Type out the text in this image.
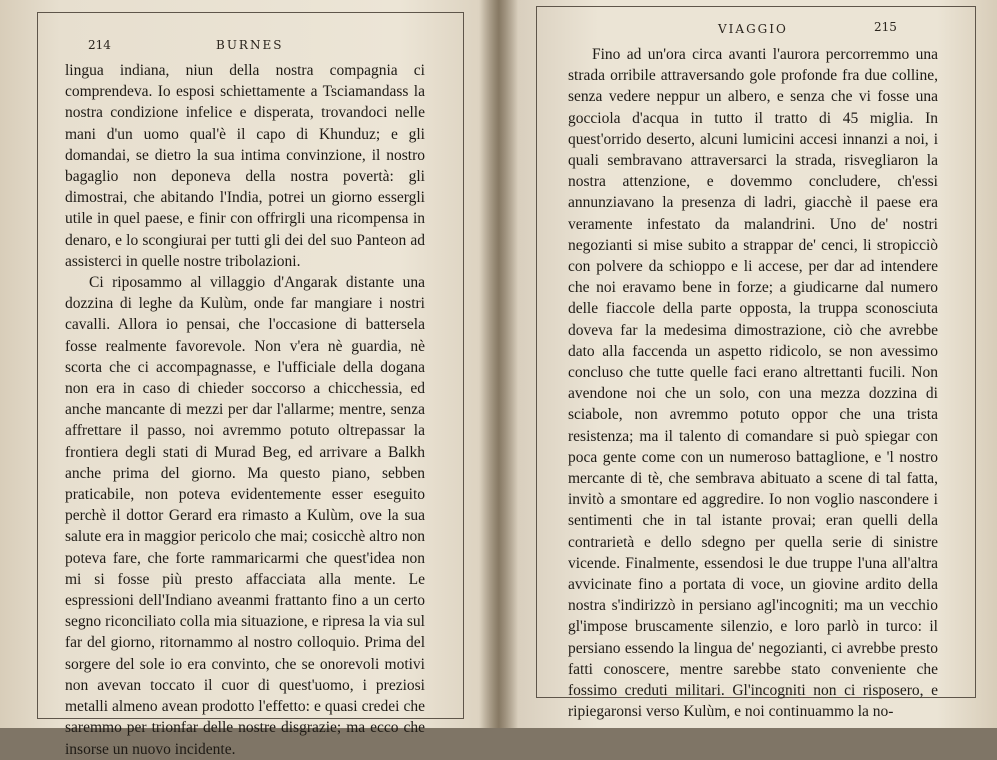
214	BURNES

lingua indiana, niun della nostra compagnia ci comprendeva. Io esposi schiettamente a Tsciamandass la nostra condizione infelice e disperata, trovandoci nelle mani d'un uomo qual'è il capo di Khunduz; e gli domandai, se dietro la sua intima convinzione, il nostro bagaglio non deponeva della nostra povertà: gli dimostrai, che abitando l'India, potrei un giorno essergli utile in quel paese, e finir con offrirgli una ricompensa in denaro, e lo scongiurai per tutti gli dei del suo Panteon ad assisterci in quelle nostre tribolazioni.

Ci riposammo al villaggio d'Angarak distante una dozzina di leghe da Kulùm, onde far mangiare i nostri cavalli. Allora io pensai, che l'occasione di battersela fosse realmente favorevole. Non v'era nè guardia, nè scorta che ci accompagnasse, e l'ufficiale della dogana non era in caso di chieder soccorso a chicchessia, ed anche mancante di mezzi per dar l'allarme; mentre, senza affrettare il passo, noi avremmo potuto oltrepassar la frontiera degli stati di Murad Beg, ed arrivare a Balkh anche prima del giorno. Ma questo piano, sebben praticabile, non poteva evidentemente esser eseguito perchè il dottor Gerard era rimasto a Kulùm, ove la sua salute era in maggior pericolo che mai; cosicchè altro non poteva fare, che forte rammaricarmi che quest'idea non mi si fosse più presto affacciata alla mente. Le espressioni dell'Indiano aveanmi frattanto fino a un certo segno riconciliato colla mia situazione, e ripresa la via sul far del giorno, ritornammo al nostro colloquio. Prima del sorgere del sole io era convinto, che se onorevoli motivi non avevan toccato il cuor di quest'uomo, i preziosi metalli almeno avean prodotto l'effetto: e quasi credei che saremmo per trionfar delle nostre disgrazie; ma ecco che insorse un nuovo incidente.

VIAGGIO	215

Fino ad un'ora circa avanti l'aurora percorremmo una strada orribile attraversando gole profonde fra due colline, senza vedere neppur un albero, e senza che vi fosse una gocciola d'acqua in tutto il tratto di 45 miglia. In quest'orrido deserto, alcuni lumicini accesi innanzi a noi, i quali sembravano attraversarci la strada, risvegliaron la nostra attenzione, e dovemmo concludere, ch'essi annunziavano la presenza di ladri, giacchè il paese era veramente infestato da malandrini. Uno de' nostri negozianti si mise subito a strappar de' cenci, li stropicciò con polvere da schioppo e li accese, per dar ad intendere che noi eravamo bene in forze; a giudicarne dal numero delle fiaccole della parte opposta, la truppa sconosciuta doveva far la medesima dimostrazione, ciò che avrebbe dato alla faccenda un aspetto ridicolo, se non avessimo concluso che tutte quelle faci erano altrettanti fucili. Non avendone noi che un solo, con una mezza dozzina di sciabole, non avremmo potuto oppor che una trista resistenza; ma il talento di comandare si può spiegar con poca gente come con un numeroso battaglione, e 'l nostro mercante di tè, che sembrava abituato a scene di tal fatta, invitò a smontare ed aggredire. Io non voglio nascondere i sentimenti che in tal istante provai; eran quelli della contrarietà e dello sdegno per quella serie di sinistre vicende. Finalmente, essendosi le due truppe l'una all'altra avvicinate fino a portata di voce, un giovine ardito della nostra s'indirizzò in persiano agl'incogniti; ma un vecchio gl'impose bruscamente silenzio, e loro parlò in turco: il persiano essendo la lingua de' negozianti, ci avrebbe presto fatti conoscere, mentre sarebbe stato conveniente che fossimo creduti militari. Gl'incogniti non ci risposero, e ripiegaronsi verso Kulùm, e noi continuammo la no-
